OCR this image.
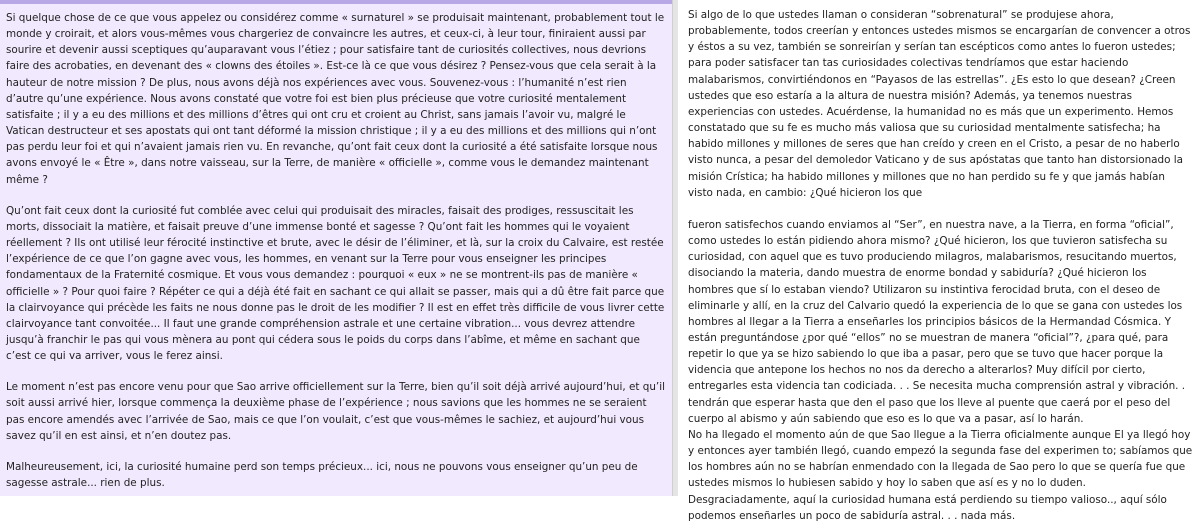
Si quelque chose de ce que vous appelez ou considérez comme « surnaturel » se produisait maintenant, probablement tout le monde y croirait, et alors vous-mêmes vous chargeriez de convaincre les autres, et ceux-ci, à leur tour, finiraient aussi par sourire et devenir aussi sceptiques qu’auparavant vous l’étiez ; pour satisfaire tant de curiosités collectives, nous devrions faire des acrobaties, en devenant des « clowns des étoiles ». Est-ce là ce que vous désirez ? Pensez-vous que cela serait à la hauteur de notre mission ? De plus, nous avons déjà nos expériences avec vous. Souvenez-vous : l’humanité n’est rien d’autre qu’une expérience. Nous avons constaté que votre foi est bien plus précieuse que votre curiosité mentalement satisfaite ; il y a eu des millions et des millions d’êtres qui ont cru et croient au Christ, sans jamais l’avoir vu, malgré le Vatican destructeur et ses apostats qui ont tant déformé la mission christique ; il y a eu des millions et des millions qui n’ont pas perdu leur foi et qui n’avaient jamais rien vu. En revanche, qu’ont fait ceux dont la curiosité a été satisfaite lorsque nous avons envoyé le « Être », dans notre vaisseau, sur la Terre, de manière « officielle », comme vous le demandez maintenant même ?

Qu’ont fait ceux dont la curiosité fut comblée avec celui qui produisait des miracles, faisait des prodiges, ressuscitait les morts, dissociait la matière, et faisait preuve d’une immense bonté et sagesse ? Qu’ont fait les hommes qui le voyaient réellement ? Ils ont utilisé leur férocité instinctive et brute, avec le désir de l’éliminer, et là, sur la croix du Calvaire, est restée l’expérience de ce que l’on gagne avec vous, les hommes, en venant sur la Terre pour vous enseigner les principes fondamentaux de la Fraternité cosmique. Et vous vous demandez : pourquoi « eux » ne se montrent-ils pas de manière « officielle » ? Pour quoi faire ? Répéter ce qui a déjà été fait en sachant ce qui allait se passer, mais qui a dû être fait parce que la clairvoyance qui précède les faits ne nous donne pas le droit de les modifier ? Il est en effet très difficile de vous livrer cette clairvoyance tant convoitée... Il faut une grande compréhension astrale et une certaine vibration... vous devrez attendre jusqu’à franchir le pas qui vous mènera au pont qui cédera sous le poids du corps dans l’abîme, et même en sachant que c’est ce qui va arriver, vous le ferez ainsi.

Le moment n’est pas encore venu pour que Sao arrive officiellement sur la Terre, bien qu’il soit déjà arrivé aujourd’hui, et qu’il soit aussi arrivé hier, lorsque commença la deuxième phase de l’expérience ; nous savions que les hommes ne se seraient pas encore amendés avec l’arrivée de Sao, mais ce que l’on voulait, c’est que vous-mêmes le sachiez, et aujourd’hui vous savez qu’il en est ainsi, et n’en doutez pas.

Malheureusement, ici, la curiosité humaine perd son temps précieux... ici, nous ne pouvons vous enseigner qu’un peu de sagesse astrale... rien de plus.

Si algo de lo que ustedes llaman o consideran “sobrenatural” se produjese ahora, probablemente, todos creerían y entonces ustedes mismos se encargarían de convencer a otros y éstos a su vez, también se sonreirían y serían tan escépticos como antes lo fueron ustedes; para poder satisfacer tan tas curiosidades colectivas tendríamos que estar haciendo malabarismos, convirtiéndonos en “Payasos de las estrellas”. ¿Es esto lo que desean? ¿Creen ustedes que eso estaría a la altura de nuestra misión? Además, ya tenemos nuestras experiencias con ustedes. Acuérdense, la humanidad no es más que un experimento. Hemos constatado que su fe es mucho más valiosa que su curiosidad mentalmente satisfecha; ha habido millones y millones de seres que han creído y creen en el Cristo, a pesar de no haberlo visto nunca, a pesar del demoledor Vaticano y de sus apóstatas que tanto han distorsionado la misión Crística; ha habido millones y millones que no han perdido su fe y que jamás habían visto nada, en cambio: ¿Qué hicieron los que

fueron satisfechos cuando enviamos al “Ser”, en nuestra nave, a la Tierra, en forma “oficial”, como ustedes lo están pidiendo ahora mismo? ¿Qué hicieron, los que tuvieron satisfecha su curiosidad, con aquel que es tuvo produciendo milagros, malabarismos, resucitando muertos, disociando la materia, dando muestra de enorme bondad y sabiduría? ¿Qué hicieron los hombres que sí lo estaban viendo? Utilizaron su instintiva ferocidad bruta, con el deseo de eliminarle y allí, en la cruz del Calvario quedó la experiencia de lo que se gana con ustedes los hombres al llegar a la Tierra a enseñarles los principios básicos de la Hermandad Cósmica. Y están preguntándose ¿por qué “ellos” no se muestran de manera “oficial”?, ¿para qué, para repetir lo que ya se hizo sabiendo lo que iba a pasar, pero que se tuvo que hacer porque la videncia que antepone los hechos no nos da derecho a alterarlos? Muy difícil por cierto, entregarles esta videncia tan codiciada. . . Se necesita mucha comprensión astral y vibración. . tendrán que esperar hasta que den el paso que los lleve al puente que caerá por el peso del cuerpo al abismo y aún sabiendo que eso es lo que va a pasar, así lo harán.

No ha llegado el momento aún de que Sao llegue a la Tierra oficialmente aunque El ya llegó hoy y entonces ayer también llegó, cuando empezó la segunda fase del experimen to; sabíamos que los hombres aún no se habrían enmendado con la llegada de Sao pero lo que se quería fue que ustedes mismos lo hubiesen sabido y hoy lo saben que así es y no lo duden.

Desgraciadamente, aquí la curiosidad humana está perdiendo su tiempo valioso.., aquí sólo podemos enseñarles un poco de sabiduría astral. . . nada más.
